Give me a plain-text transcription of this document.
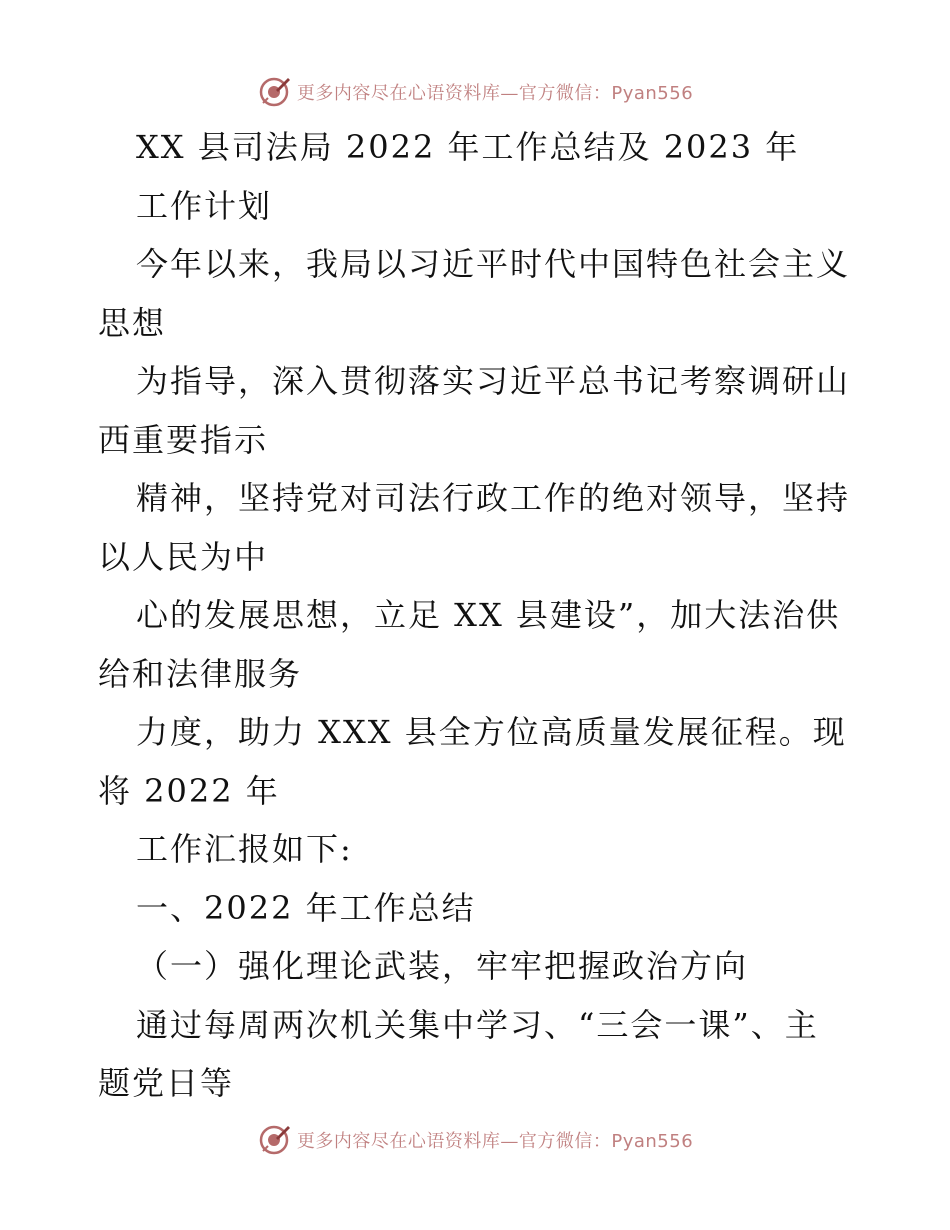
更多内容尽在心语资料库—官方微信：Pyan556
XX 县司法局 2022 年工作总结及 2023 年
工作计划
今年以来，我局以习近平时代中国特色社会主义
思想
为指导，深入贯彻落实习近平总书记考察调研山
西重要指示
精神，坚持党对司法行政工作的绝对领导，坚持
以人民为中
心的发展思想，立足 XX 县建设”，加大法治供
给和法律服务
力度，助力 XXX 县全方位高质量发展征程。现
将 2022 年
工作汇报如下:
一、2022 年工作总结
（一）强化理论武装，牢牢把握政治方向
通过每周两次机关集中学习、“三会一课”、主
题党日等
更多内容尽在心语资料库—官方微信：Pyan556
